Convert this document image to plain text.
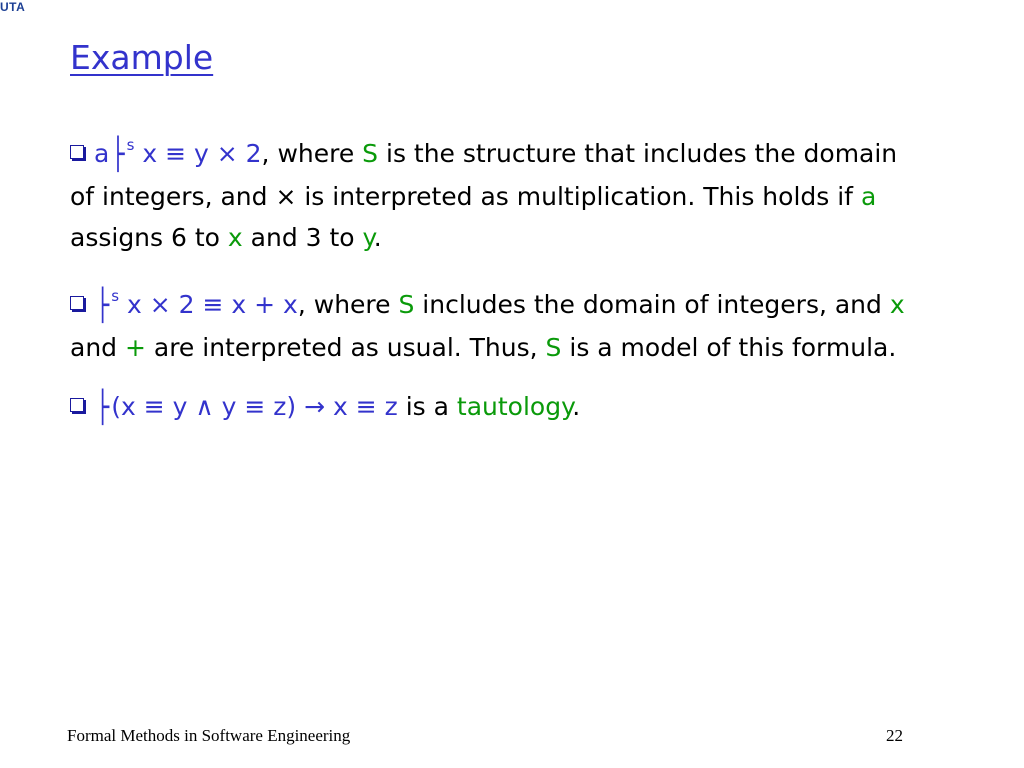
UTA
Example

a├ $^s$ x ≡ y × 2, where S is the structure that includes the domain of integers, and × is interpreted as multiplication. This holds if a assigns 6 to x and 3 to y.

├ $^s$ x × 2 ≡ x + x, where S includes the domain of integers, and x and + are interpreted as usual. Thus, S is a model of this formula.

├(x ≡ y ∧ y ≡ z) → x ≡ z is a tautology.

Formal Methods in Software Engineering	22
